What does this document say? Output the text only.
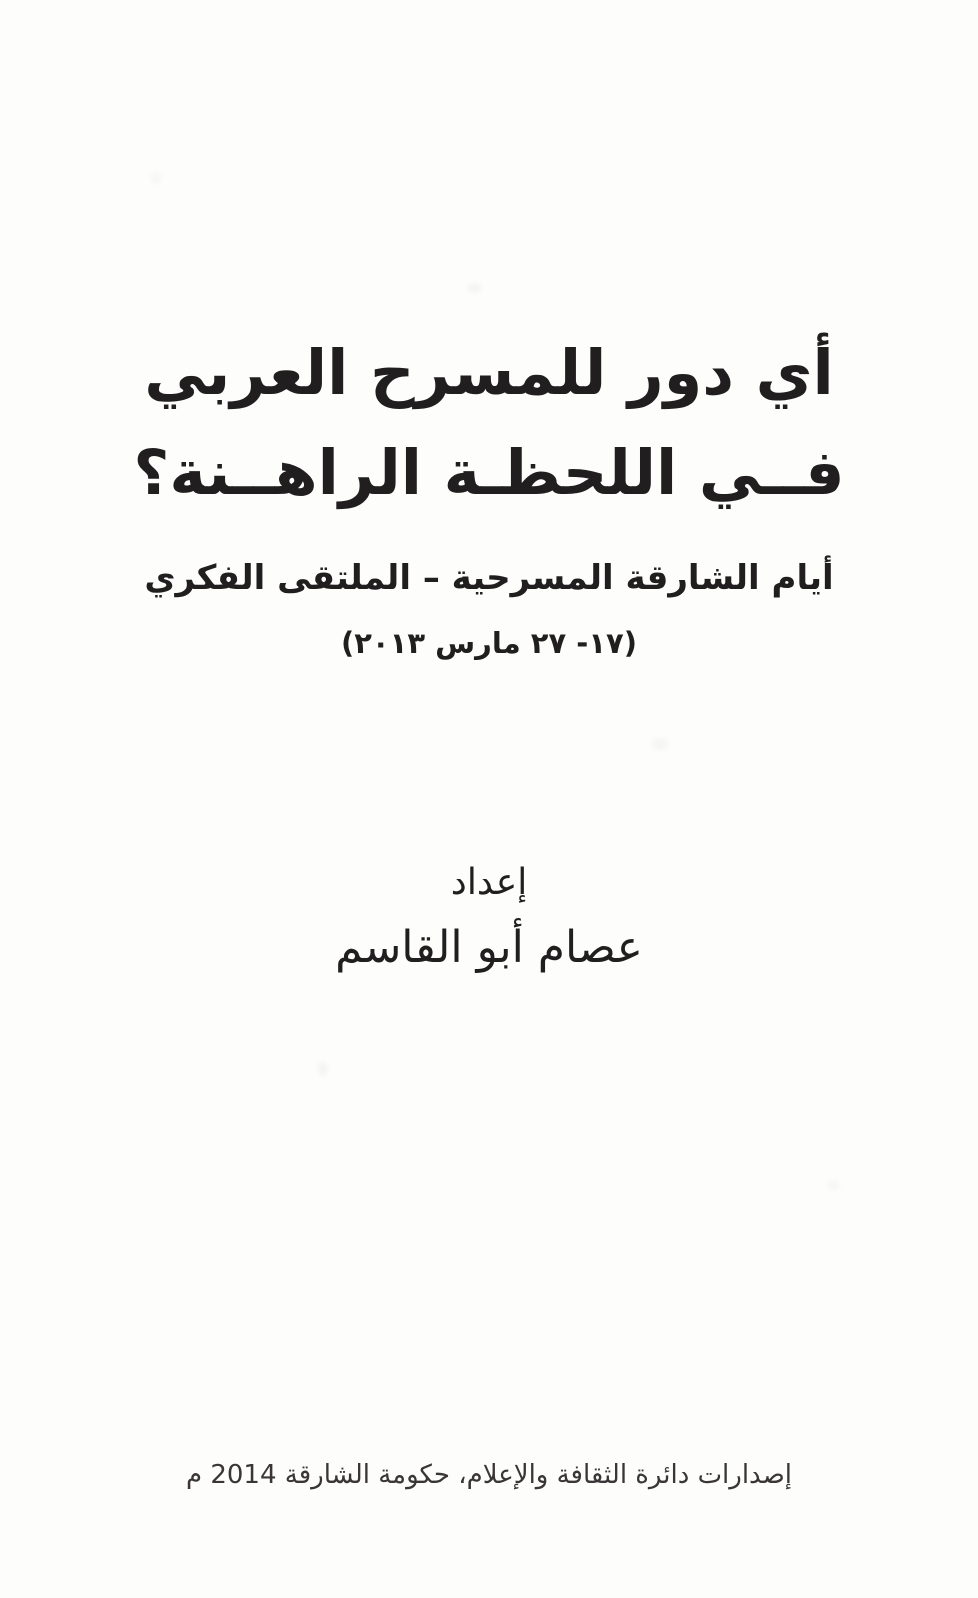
أي دور للمسرح العربي
فــي اللحظـة الراهــنة؟
أيام الشارقة المسرحية – الملتقى الفكري
(١٧- ٢٧ مارس ٢٠١٣)
إعداد
عصام أبو القاسم
إصدارات دائرة الثقافة والإعلام، حكومة الشارقة 2014 م
